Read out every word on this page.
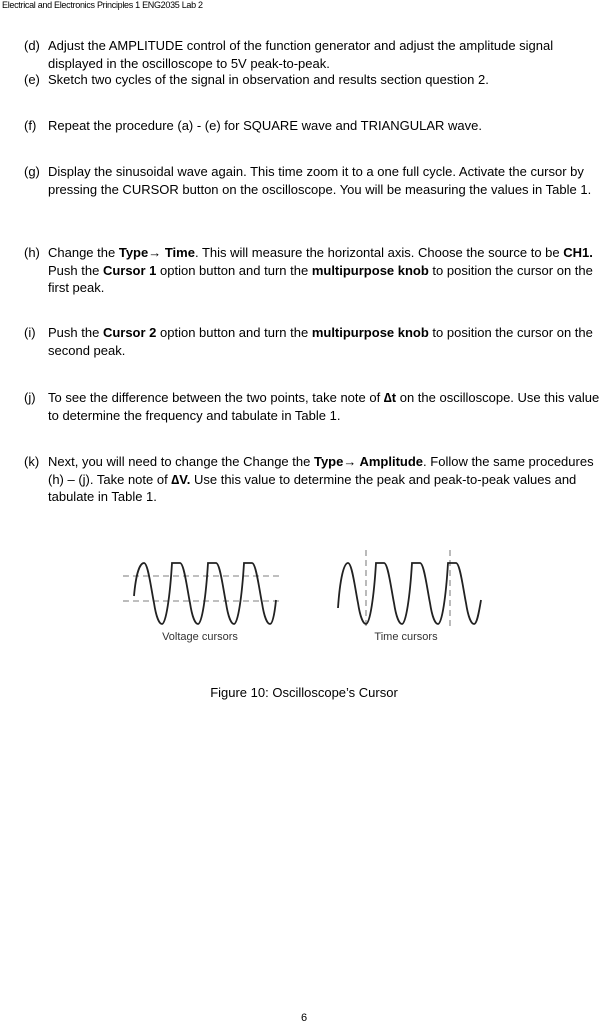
Electrical and Electronics Principles 1 ENG2035 Lab 2
(d) Adjust the AMPLITUDE control of the function generator and adjust the amplitude signal displayed in the oscilloscope to 5V peak-to-peak.
(e) Sketch two cycles of the signal in observation and results section question 2.
(f) Repeat the procedure (a) - (e) for SQUARE wave and TRIANGULAR wave.
(g) Display the sinusoidal wave again. This time zoom it to a one full cycle. Activate the cursor by pressing the CURSOR button on the oscilloscope. You will be measuring the values in Table 1.
(h) Change the Type→ Time. This will measure the horizontal axis. Choose the source to be CH1. Push the Cursor 1 option button and turn the multipurpose knob to position the cursor on the first peak.
(i) Push the Cursor 2 option button and turn the multipurpose knob to position the cursor on the second peak.
(j) To see the difference between the two points, take note of ∆t on the oscilloscope. Use this value to determine the frequency and tabulate in Table 1.
(k) Next, you will need to change the Change the Type→ Amplitude. Follow the same procedures (h) – (j). Take note of ∆V. Use this value to determine the peak and peak-to-peak values and tabulate in Table 1.
Voltage cursors	Time cursors
Figure 10: Oscilloscope’s Cursor
6
